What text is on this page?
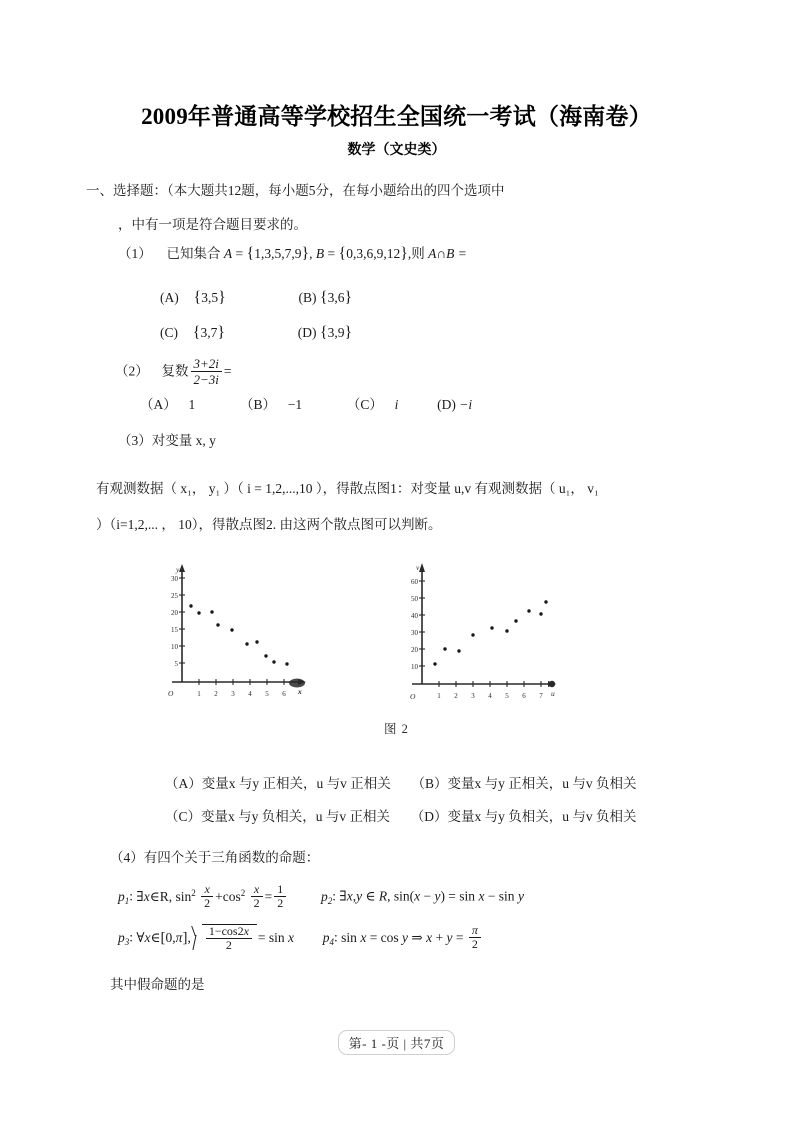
2009年普通高等学校招生全国统一考试（海南卷）
数学（文史类）
一、选择题：（本大题共12题，每小题5分，在每小题给出的四个选项中
，中有一项是符合题目要求的。
（1） 已知集合 A = {1,3,5,7,9}, B = {0,3,6,9,12},则 A∩B =
(A) {3,5}	(B) {3,6}
(C) {3,7}	(D) {3,9}
（2） 复数 $\frac{3+2i}{2-3i}$ =
（A） 1	（B） −1	（C） i	(D) −i
（3）对变量 x, y
有观测数据（ x₁， y₁ ）（ i = 1,2,...,10 ），得散点图1：对变量 u,v 有观测数据（ u₁， v₁
）（i=1,2,... ， 10），得散点图2. 由这两个散点图可以判断。
30
25
20
15
10
5
1 2 3 4 5 6
O
y
x
60
50
40
30
20
10
1 2 3 4 5 6 7
O
v
u
图 2
（A）变量x 与y 正相关，u 与v 正相关 （B）变量x 与y 正相关，u 与v 负相关
（C）变量x 与y 负相关，u 与v 正相关 （D）变量x 与y 负相关，u 与v 负相关
（4）有四个关于三角函数的命题：
$p_1$: ∃x∈R, $\sin^2 \frac{x}{2} +\cos^2 \frac{x}{2} = \frac{1}{2}$	$p_2$: ∃x,y ∈ R, sin(x − y) = sin x − sin y
$p_3$: ∀x∈[0,π], $\frac{1-\cos 2x}{2} = \sin x$ $p_4$: sin x = cos y ⇒ $x + y = \frac{\pi}{2}$
其中假命题的是
第- 1 -页 | 共7页
